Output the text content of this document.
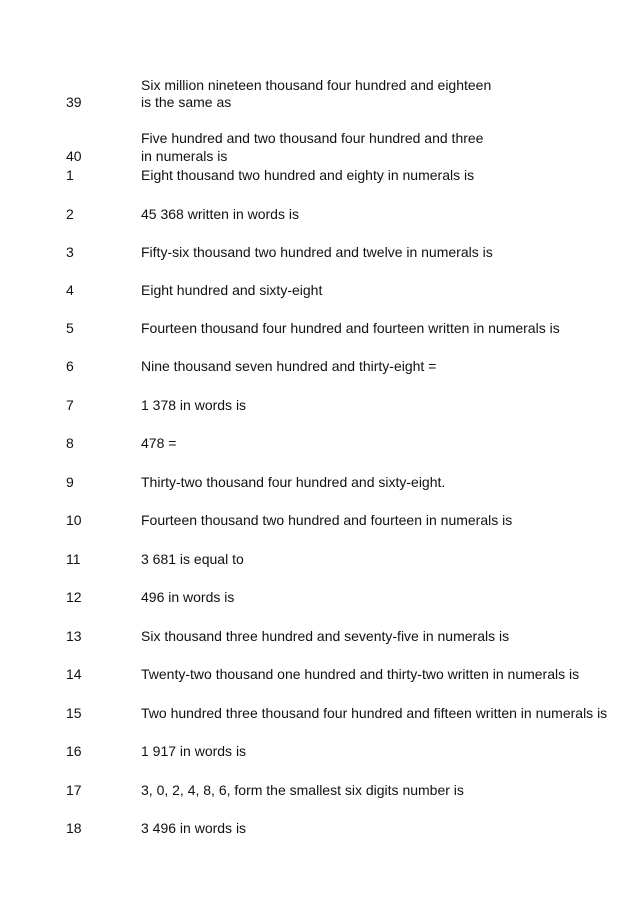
Six million nineteen thousand four hundred and eighteen
39	is the same as
Five hundred and two thousand four hundred and three
40	in numerals is
1	Eight thousand two hundred and eighty in numerals is
2	45 368 written in words is
3	Fifty-six thousand two hundred and twelve in numerals is
4	Eight hundred and sixty-eight
5	Fourteen thousand four hundred and fourteen written in numerals is
6	Nine thousand seven hundred and thirty-eight =
7	1 378 in words is
8	478 =
9	Thirty-two thousand four hundred and sixty-eight.
10	Fourteen thousand two hundred and fourteen in numerals is
11	3 681 is equal to
12	496 in words is
13	Six thousand three hundred and seventy-five in numerals is
14	Twenty-two thousand one hundred and thirty-two written in numerals is
15	Two hundred three thousand four hundred and fifteen written in numerals is
16	1 917 in words is
17	3, 0, 2, 4, 8, 6, form the smallest six digits number is
18	3 496 in words is
